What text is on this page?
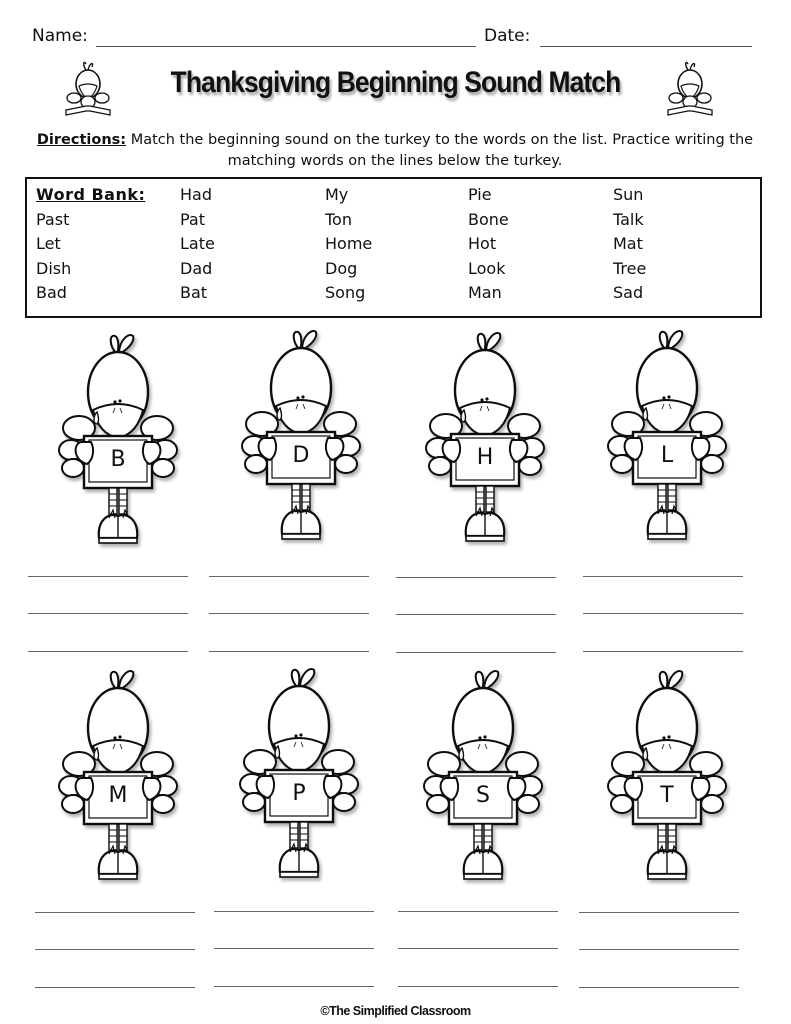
Name:	Date:
Thanksgiving Beginning Sound Match
Directions: Match the beginning sound on the turkey to the words on the list. Practice writing the matching words on the lines below the turkey.
Word Bank:	Had	My	Pie	Sun
Past	Pat	Ton	Bone	Talk
Let	Late	Home	Hot	Mat
Dish	Dad	Dog	Look	Tree
Bad	Bat	Song	Man	Sad
B	D	H	L
M	P	S	T
©The Simplified Classroom
